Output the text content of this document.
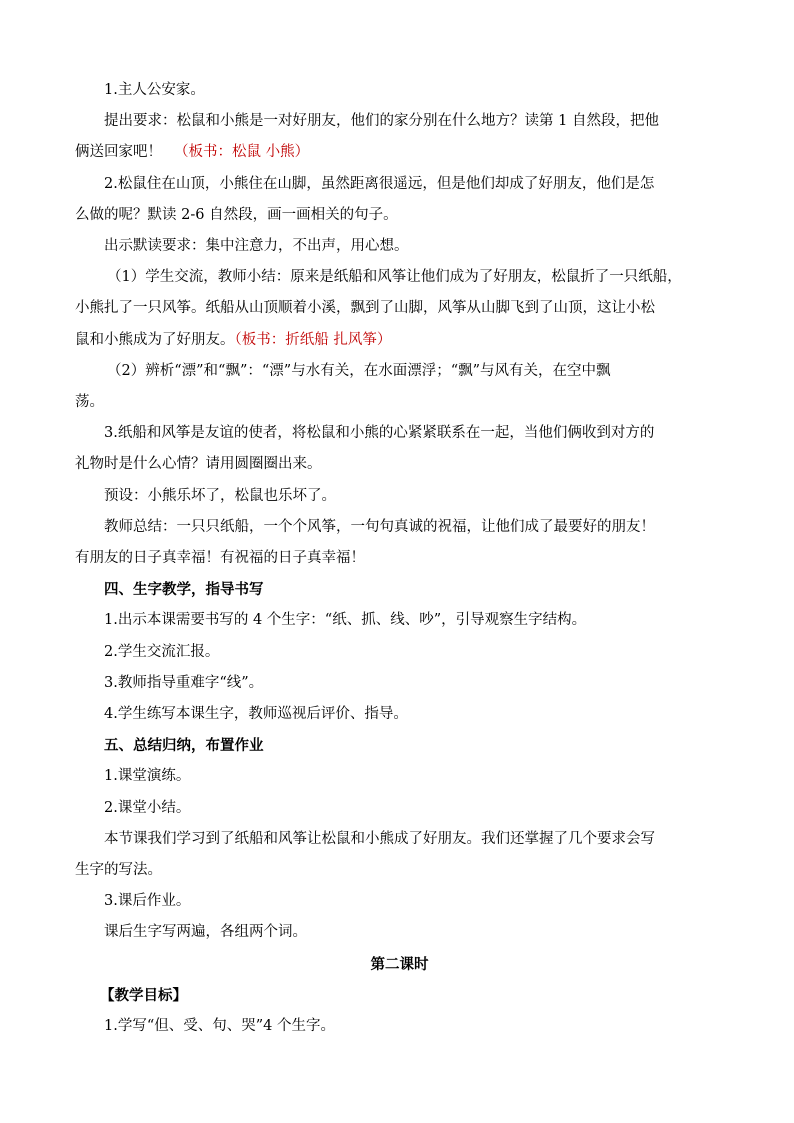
1.主人公安家。

提出要求：松鼠和小熊是一对好朋友，他们的家分别在什么地方？读第 1 自然段，把他

俩送回家吧！ （板书：松鼠 小熊）

2.松鼠住在山顶，小熊住在山脚，虽然距离很遥远，但是他们却成了好朋友，他们是怎

么做的呢？默读 2-6 自然段，画一画相关的句子。

出示默读要求：集中注意力，不出声，用心想。

（1）学生交流，教师小结：原来是纸船和风筝让他们成为了好朋友，松鼠折了一只纸船，

小熊扎了一只风筝。纸船从山顶顺着小溪，飘到了山脚，风筝从山脚飞到了山顶，这让小松

鼠和小熊成为了好朋友。（板书：折纸船 扎风筝）

（2）辨析“漂”和“飘”：“漂”与水有关，在水面漂浮；“飘”与风有关，在空中飘

荡。

3.纸船和风筝是友谊的使者，将松鼠和小熊的心紧紧联系在一起，当他们俩收到对方的

礼物时是什么心情？请用圆圈圈出来。

预设：小熊乐坏了，松鼠也乐坏了。

教师总结：一只只纸船，一个个风筝，一句句真诚的祝福，让他们成了最要好的朋友！

有朋友的日子真幸福！有祝福的日子真幸福！

四、生字教学，指导书写

1.出示本课需要书写的 4 个生字：“纸、抓、线、吵”，引导观察生字结构。

2.学生交流汇报。

3.教师指导重难字“线”。

4.学生练写本课生字，教师巡视后评价、指导。

五、总结归纳，布置作业

1.课堂演练。

2.课堂小结。

本节课我们学习到了纸船和风筝让松鼠和小熊成了好朋友。我们还掌握了几个要求会写

生字的写法。

3.课后作业。

课后生字写两遍，各组两个词。

第二课时

【教学目标】

1.学写“但、受、句、哭”4 个生字。
